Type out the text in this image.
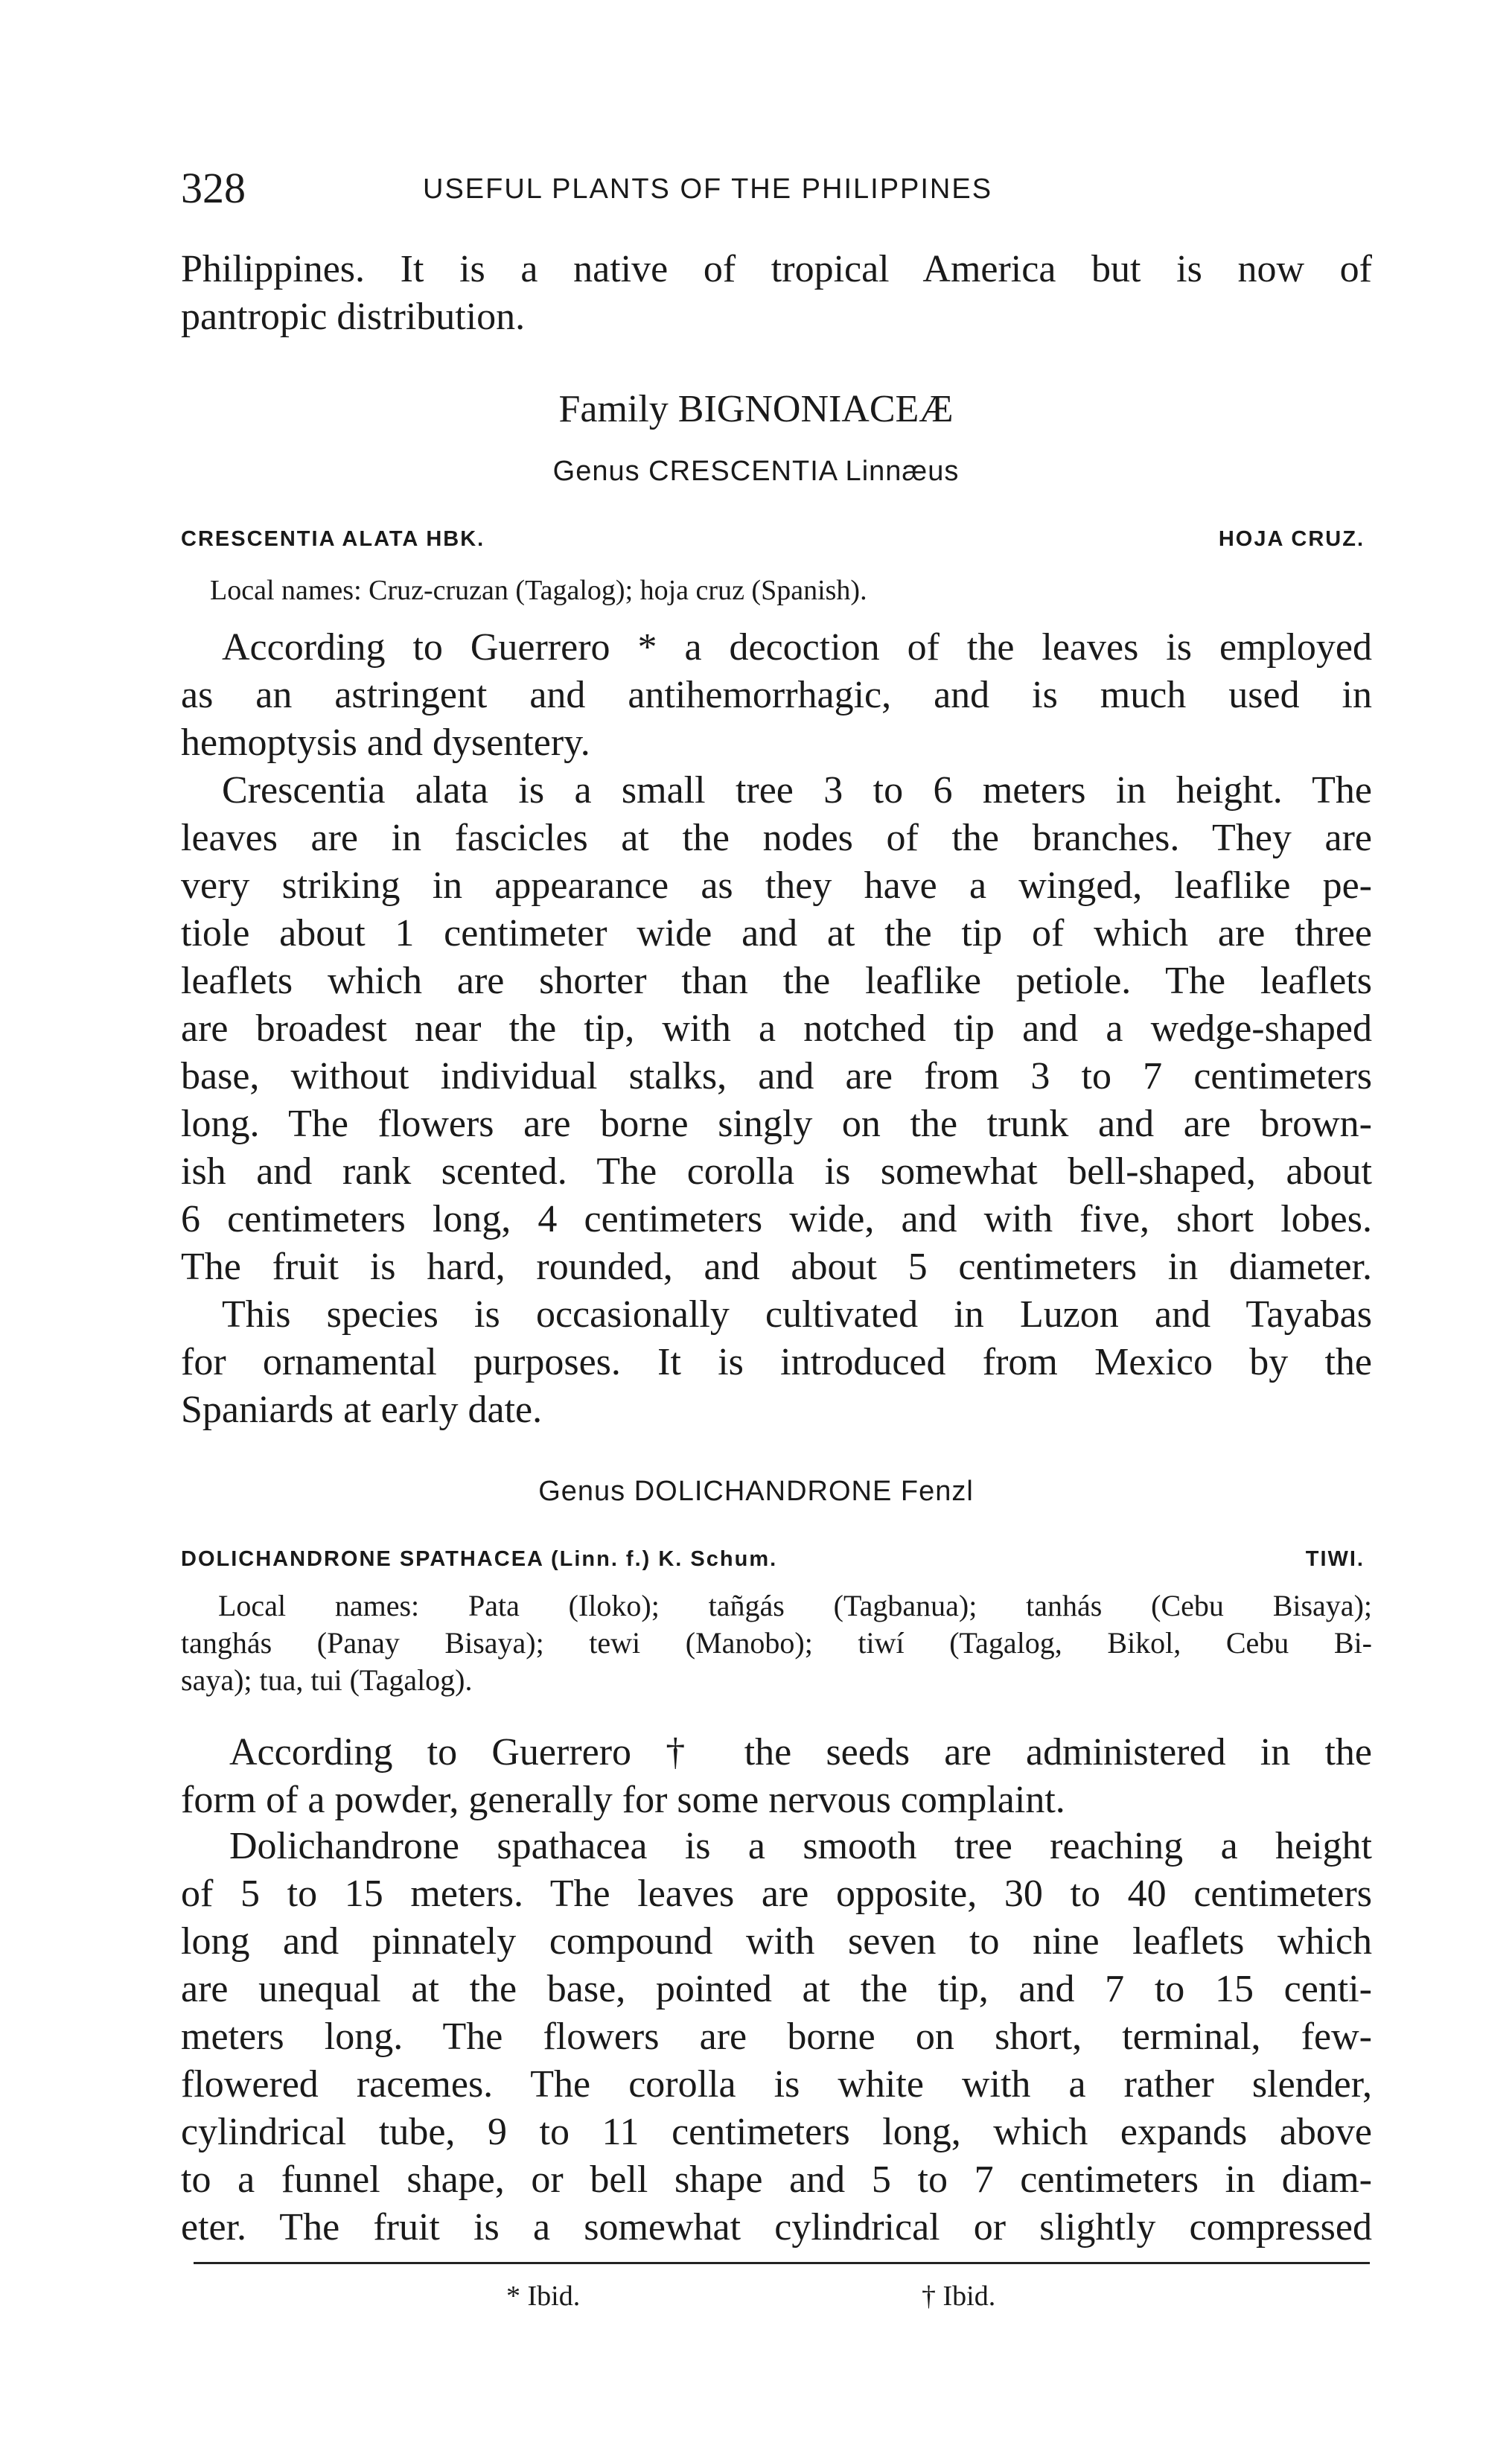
328	USEFUL PLANTS OF THE PHILIPPINES
Philippines. It is a native of tropical America but is now of
pantropic distribution.
Family BIGNONIACEÆ
Genus CRESCENTIA Linnæus
CRESCENTIA ALATA HBK.	HOJA CRUZ.
Local names: Cruz-cruzan (Tagalog); hoja cruz (Spanish).
According to Guerrero * a decoction of the leaves is employed
as an astringent and antihemorrhagic, and is much used in
hemoptysis and dysentery.
Crescentia alata is a small tree 3 to 6 meters in height. The
leaves are in fascicles at the nodes of the branches. They are
very striking in appearance as they have a winged, leaflike pe-
tiole about 1 centimeter wide and at the tip of which are three
leaflets which are shorter than the leaflike petiole. The leaflets
are broadest near the tip, with a notched tip and a wedge-shaped
base, without individual stalks, and are from 3 to 7 centimeters
long. The flowers are borne singly on the trunk and are brown-
ish and rank scented. The corolla is somewhat bell-shaped, about
6 centimeters long, 4 centimeters wide, and with five, short lobes.
The fruit is hard, rounded, and about 5 centimeters in diameter.
This species is occasionally cultivated in Luzon and Tayabas
for ornamental purposes. It is introduced from Mexico by the
Spaniards at early date.
Genus DOLICHANDRONE Fenzl
DOLICHANDRONE SPATHACEA (Linn. f.) K. Schum.	TIWI.
Local names: Pata (Iloko); tañgás (Tagbanua); tanhás (Cebu Bisaya);
tanghás (Panay Bisaya); tewi (Manobo); tiwí (Tagalog, Bikol, Cebu Bi-
saya); tua, tui (Tagalog).
According to Guerrero † the seeds are administered in the
form of a powder, generally for some nervous complaint.
Dolichandrone spathacea is a smooth tree reaching a height
of 5 to 15 meters. The leaves are opposite, 30 to 40 centimeters
long and pinnately compound with seven to nine leaflets which
are unequal at the base, pointed at the tip, and 7 to 15 centi-
meters long. The flowers are borne on short, terminal, few-
flowered racemes. The corolla is white with a rather slender,
cylindrical tube, 9 to 11 centimeters long, which expands above
to a funnel shape, or bell shape and 5 to 7 centimeters in diam-
eter. The fruit is a somewhat cylindrical or slightly compressed
* Ibid.	† Ibid.
